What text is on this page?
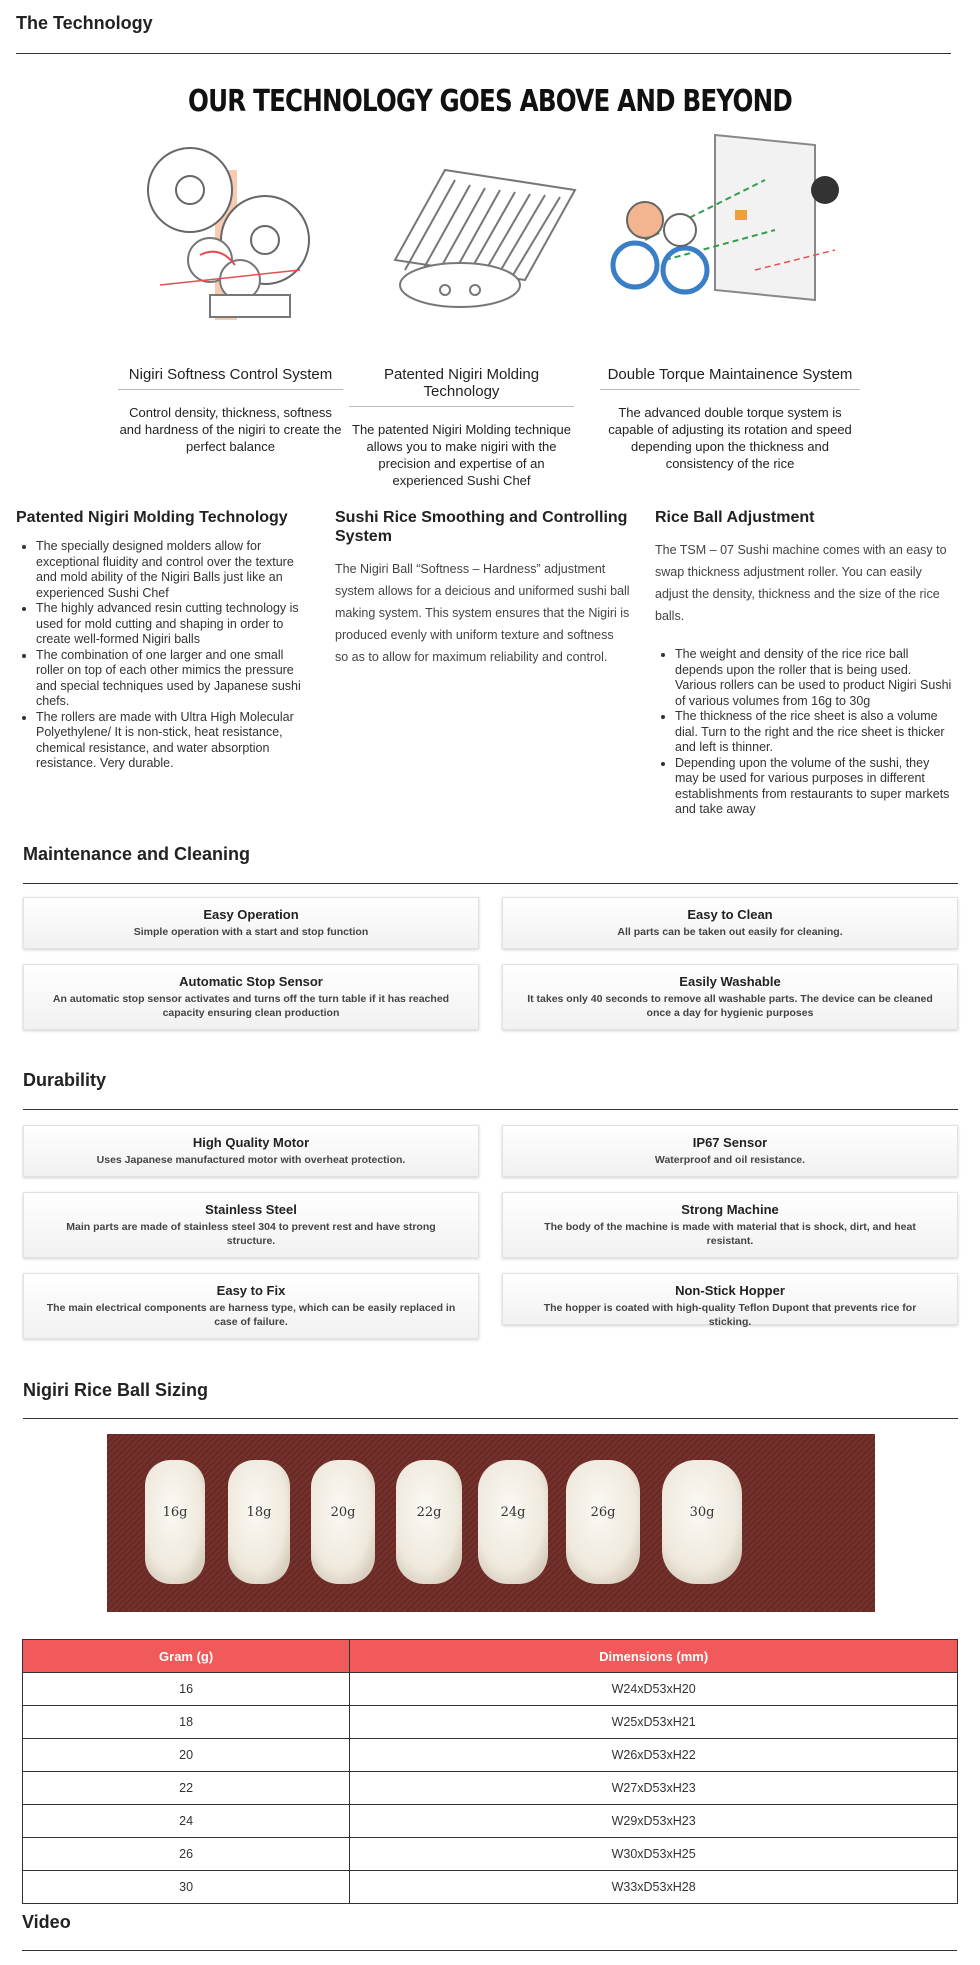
The Technology
OUR TECHNOLOGY GOES ABOVE AND BEYOND
Nigiri Softness Control System
Control density, thickness, softness and hardness of the nigiri to create the perfect balance
Patented Nigiri Molding Technology
The patented Nigiri Molding technique allows you to make nigiri with the precision and expertise of an experienced Sushi Chef
Double Torque Maintainence System
The advanced double torque system is capable of adjusting its rotation and speed depending upon the thickness and consistency of the rice
Patented Nigiri Molding Technology
• The specially designed molders allow for exceptional fluidity and control over the texture and mold ability of the Nigiri Balls just like an experienced Sushi Chef
• The highly advanced resin cutting technology is used for mold cutting and shaping in order to create well-formed Nigiri balls
• The combination of one larger and one small roller on top of each other mimics the pressure and special techniques used by Japanese sushi chefs.
• The rollers are made with Ultra High Molecular Polyethylene/ It is non-stick, heat resistance, chemical resistance, and water absorption resistance. Very durable.
Sushi Rice Smoothing and Controlling System

The Nigiri Ball “Softness – Hardness” adjustment system allows for a deicious and uniformed sushi ball making system. This system ensures that the Nigiri is produced evenly with uniform texture and softness so as to allow for maximum reliability and control.

Rice Ball Adjustment

The TSM – 07 Sushi machine comes with an easy to swap thickness adjustment roller. You can easily adjust the density, thickness and the size of the rice balls.

• The weight and density of the rice rice ball depends upon the roller that is being used. Various rollers can be used to product Nigiri Sushi of various volumes from 16g to 30g
• The thickness of the rice sheet is also a volume dial. Turn to the right and the rice sheet is thicker and left is thinner.
• Depending upon the volume of the sushi, they may be used for various purposes in different establishments from restaurants to super markets and take away
Maintenance and Cleaning
Easy Operation
Simple operation with a start and stop function
Easy to Clean
All parts can be taken out easily for cleaning.
Automatic Stop Sensor
An automatic stop sensor activates and turns off the turn table if it has reached capacity ensuring clean production
Easily Washable
It takes only 40 seconds to remove all washable parts. The device can be cleaned once a day for hygienic purposes
Durability
High Quality Motor
Uses Japanese manufactured motor with overheat protection.
IP67 Sensor
Waterproof and oil resistance.
Stainless Steel
Main parts are made of stainless steel 304 to prevent rest and have strong structure.
Strong Machine
The body of the machine is made with material that is shock, dirt, and heat resistant.
Easy to Fix
The main electrical components are harness type, which can be easily replaced in case of failure.
Non-Stick Hopper
The hopper is coated with high-quality Teflon Dupont that prevents rice for sticking.
Nigiri Rice Ball Sizing
16g	18g	20g	22g	24g	26g	30g
Gram (g)	Dimensions (mm)
16	W24xD53xH20
18	W25xD53xH21
20	W26xD53xH22
22	W27xD53xH23
24	W29xD53xH23
26	W30xD53xH25
30	W33xD53xH28
Video
